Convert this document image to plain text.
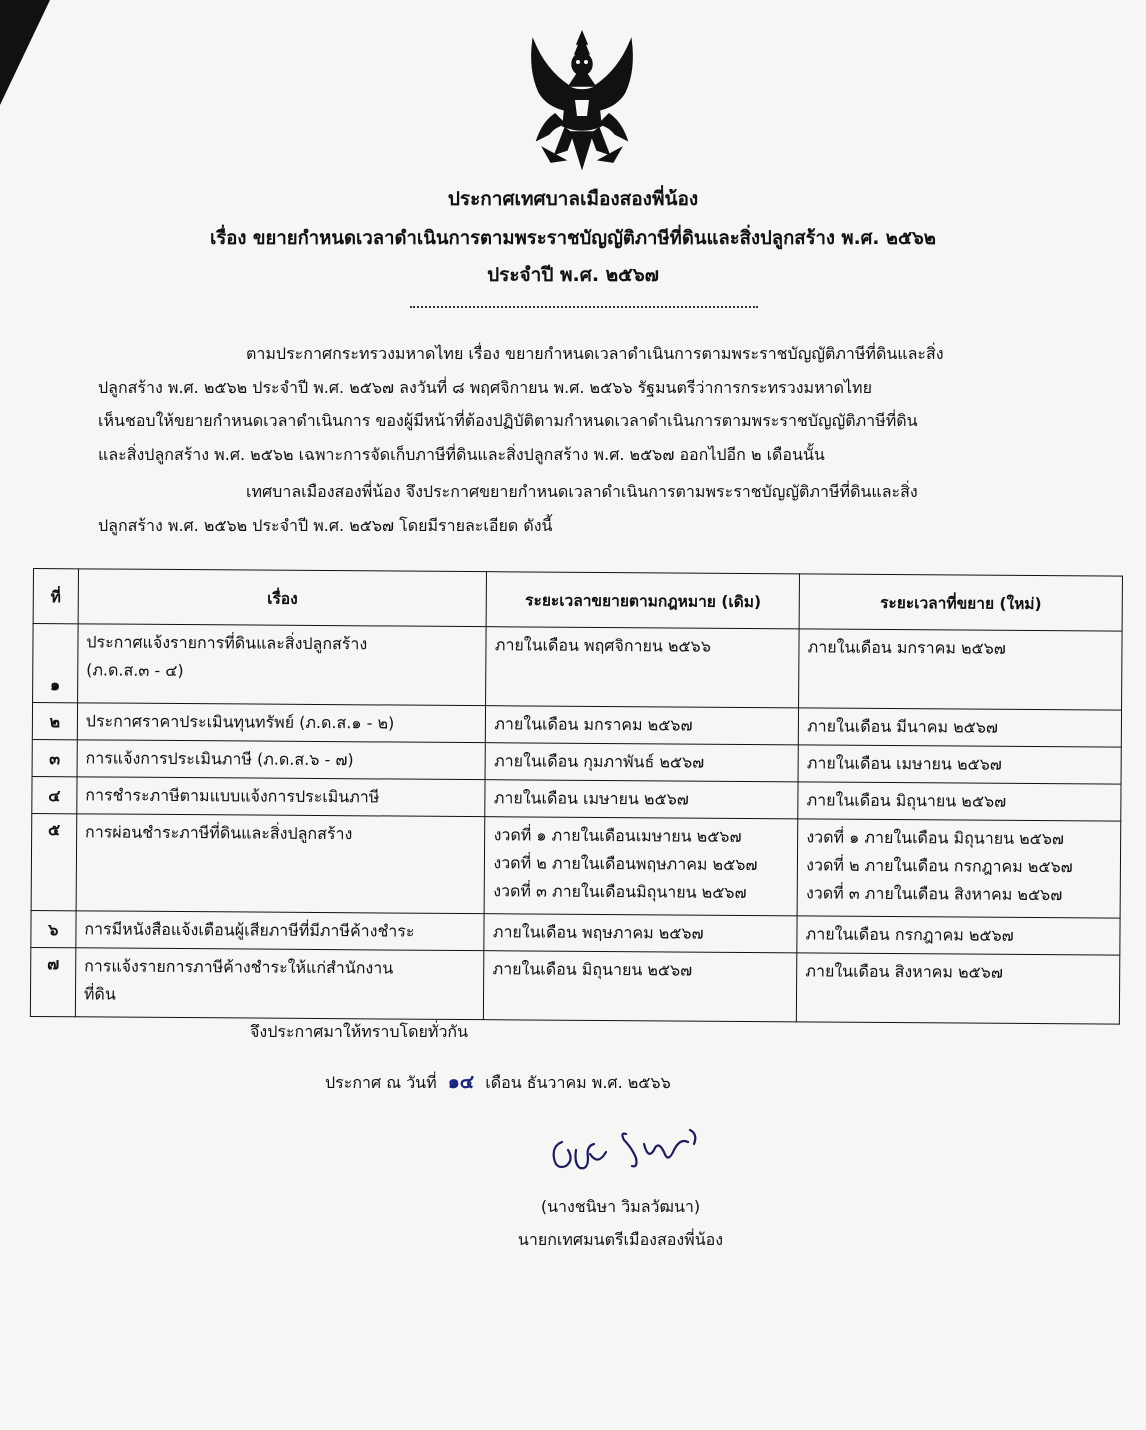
ประกาศเทศบาลเมืองสองพี่น้อง
เรื่อง ขยายกำหนดเวลาดำเนินการตามพระราชบัญญัติภาษีที่ดินและสิ่งปลูกสร้าง พ.ศ. ๒๕๖๒
ประจำปี พ.ศ. ๒๕๖๗
ตามประกาศกระทรวงมหาดไทย เรื่อง ขยายกำหนดเวลาดำเนินการตามพระราชบัญญัติภาษีที่ดินและสิ่ง
ปลูกสร้าง พ.ศ. ๒๕๖๒ ประจำปี พ.ศ. ๒๕๖๗ ลงวันที่ ๘ พฤศจิกายน พ.ศ. ๒๕๖๖ รัฐมนตรีว่าการกระทรวงมหาดไทย
เห็นชอบให้ขยายกำหนดเวลาดำเนินการ ของผู้มีหน้าที่ต้องปฏิบัติตามกำหนดเวลาดำเนินการตามพระราชบัญญัติภาษีที่ดิน
และสิ่งปลูกสร้าง พ.ศ. ๒๕๖๒ เฉพาะการจัดเก็บภาษีที่ดินและสิ่งปลูกสร้าง พ.ศ. ๒๕๖๗ ออกไปอีก ๒ เดือนนั้น
เทศบาลเมืองสองพี่น้อง จึงประกาศขยายกำหนดเวลาดำเนินการตามพระราชบัญญัติภาษีที่ดินและสิ่ง
ปลูกสร้าง พ.ศ. ๒๕๖๒ ประจำปี พ.ศ. ๒๕๖๗ โดยมีรายละเอียด ดังนี้
ที่	เรื่อง	ระยะเวลาขยายตามกฎหมาย (เดิม)	ระยะเวลาที่ขยาย (ใหม่)
๑	ประกาศแจ้งรายการที่ดินและสิ่งปลูกสร้าง
(ภ.ด.ส.๓ - ๔)	ภายในเดือน พฤศจิกายน ๒๕๖๖	ภายในเดือน มกราคม ๒๕๖๗

๒	ประกาศราคาประเมินทุนทรัพย์ (ภ.ด.ส.๑ - ๒)	ภายในเดือน มกราคม ๒๕๖๗	ภายในเดือน มีนาคม ๒๕๖๗

๓	การแจ้งการประเมินภาษี (ภ.ด.ส.๖ - ๗)	ภายในเดือน กุมภาพันธ์ ๒๕๖๗	ภายในเดือน เมษายน ๒๕๖๗

๔	การชำระภาษีตามแบบแจ้งการประเมินภาษี	ภายในเดือน เมษายน ๒๕๖๗	ภายในเดือน มิถุนายน ๒๕๖๗

๕	การผ่อนชำระภาษีที่ดินและสิ่งปลูกสร้าง	งวดที่ ๑ ภายในเดือนเมษายน ๒๕๖๗
งวดที่ ๒ ภายในเดือนพฤษภาคม ๒๕๖๗
งวดที่ ๓ ภายในเดือนมิถุนายน ๒๕๖๗	งวดที่ ๑ ภายในเดือน มิถุนายน ๒๕๖๗
งวดที่ ๒ ภายในเดือน กรกฎาคม ๒๕๖๗
งวดที่ ๓ ภายในเดือน สิงหาคม ๒๕๖๗

๖	การมีหนังสือแจ้งเตือนผู้เสียภาษีที่มีภาษีค้างชำระ	ภายในเดือน พฤษภาคม ๒๕๖๗	ภายในเดือน กรกฎาคม ๒๕๖๗

๗	การแจ้งรายการภาษีค้างชำระให้แก่สำนักงาน
ที่ดิน	ภายในเดือน มิถุนายน ๒๕๖๗	ภายในเดือน สิงหาคม ๒๕๖๗
จึงประกาศมาให้ทราบโดยทั่วกัน
ประกาศ ณ วันที่ ๑๔ เดือน ธันวาคม พ.ศ. ๒๕๖๖
(นางชนิษา วิมลวัฒนา)
นายกเทศมนตรีเมืองสองพี่น้อง
